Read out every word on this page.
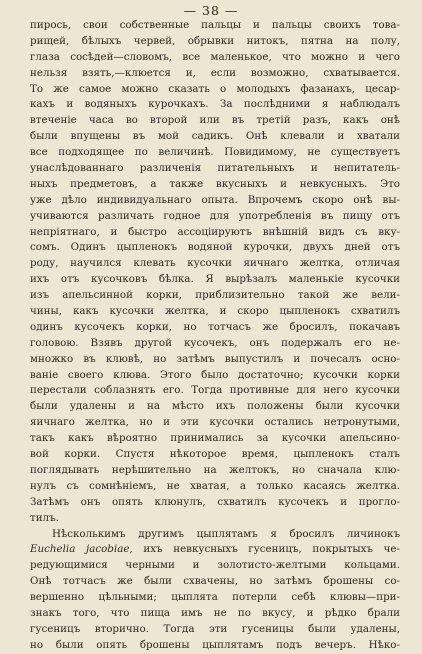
— 38 —
пирось, свои собственные пальцы и пальцы своихъ това-
рищей, бѣлыхъ червей, обрывки нитокъ, пятна на полу,
глаза сосѣдей—словомъ, все маленькое, что можно и чего
нельзя взять,—клюется и, если возможно, схватывается.
То же самое можно сказать о молодыхъ фазанахъ, цесар-
кахъ и водяныхъ курочкахъ. За послѣдними я наблюдалъ
втеченіе часа во второй или въ третій разъ, какъ онѣ
были впущены въ мой садикъ. Онѣ клевали и хватали
все подходящее по величинѣ. Повидимому, не существуетъ
унаслѣдованнаго различенія питательныхъ и непитатель-
ныхъ предметовъ, а также вкусныхъ и невкусныхъ. Это
уже дѣло индивидуальнаго опыта. Впрочемъ скоро онѣ вы-
учиваются различать годное для употребленія въ пищу отъ
непріятнаго, и быстро ассоціируютъ внѣшній видъ съ вку-
сомъ. Одинъ цыпленокъ водяной курочки, двухъ дней отъ
роду, научился клевать кусочки яичнаго желтка, отличая
ихъ отъ кусочковъ бѣлка. Я вырѣзалъ маленькіе кусочки
изъ апельсинной корки, приблизительно такой же вели-
чины, какъ кусочки желтка, и скоро цыпленокъ схватилъ
одинъ кусочекъ корки, но тотчасъ же бросилъ, покачавъ
головою. Взявъ другой кусочекъ, онъ подержалъ его не-
множко въ клювѣ, но затѣмъ выпустилъ и почесалъ осно-
ваніе своего клюва. Этого было достаточно; кусочки корки
перестали соблазнять его. Тогда противные для него кусочки
были удалены и на мѣсто ихъ положены были кусочки
яичнаго желтка, но и эти кусочки остались нетронутыми,
такъ какъ вѣроятно принимались за кусочки апельсино-
вой корки. Спустя нѣкоторое время, цыпленокъ сталъ
поглядывать нерѣшительно на желтокъ, но сначала клю-
нулъ съ сомнѣніемъ, не хватая, а только касаясь желтка.
Затѣмъ онъ опять клюнулъ, схватилъ кусочекъ и прогло-
тилъ.
Нѣсколькимъ другимъ цыплятамъ я бросилъ личинокъ
Euchelia jacobiae, ихъ невкусныхъ гусеницъ, покрытыхъ че-
редующимися черными и золотисто-желтыми кольцами.
Онѣ тотчасъ же были схвачены, но затѣмъ брошены со-
вершенно цѣльными; цыплята потерли себѣ клювы—при-
знакъ того, что пища имъ не по вкусу, и рѣдко брали
гусеницъ вторично. Тогда эти гусеницы были удалены,
но были опять брошены цыплятамъ подъ вечеръ. Нѣко-
